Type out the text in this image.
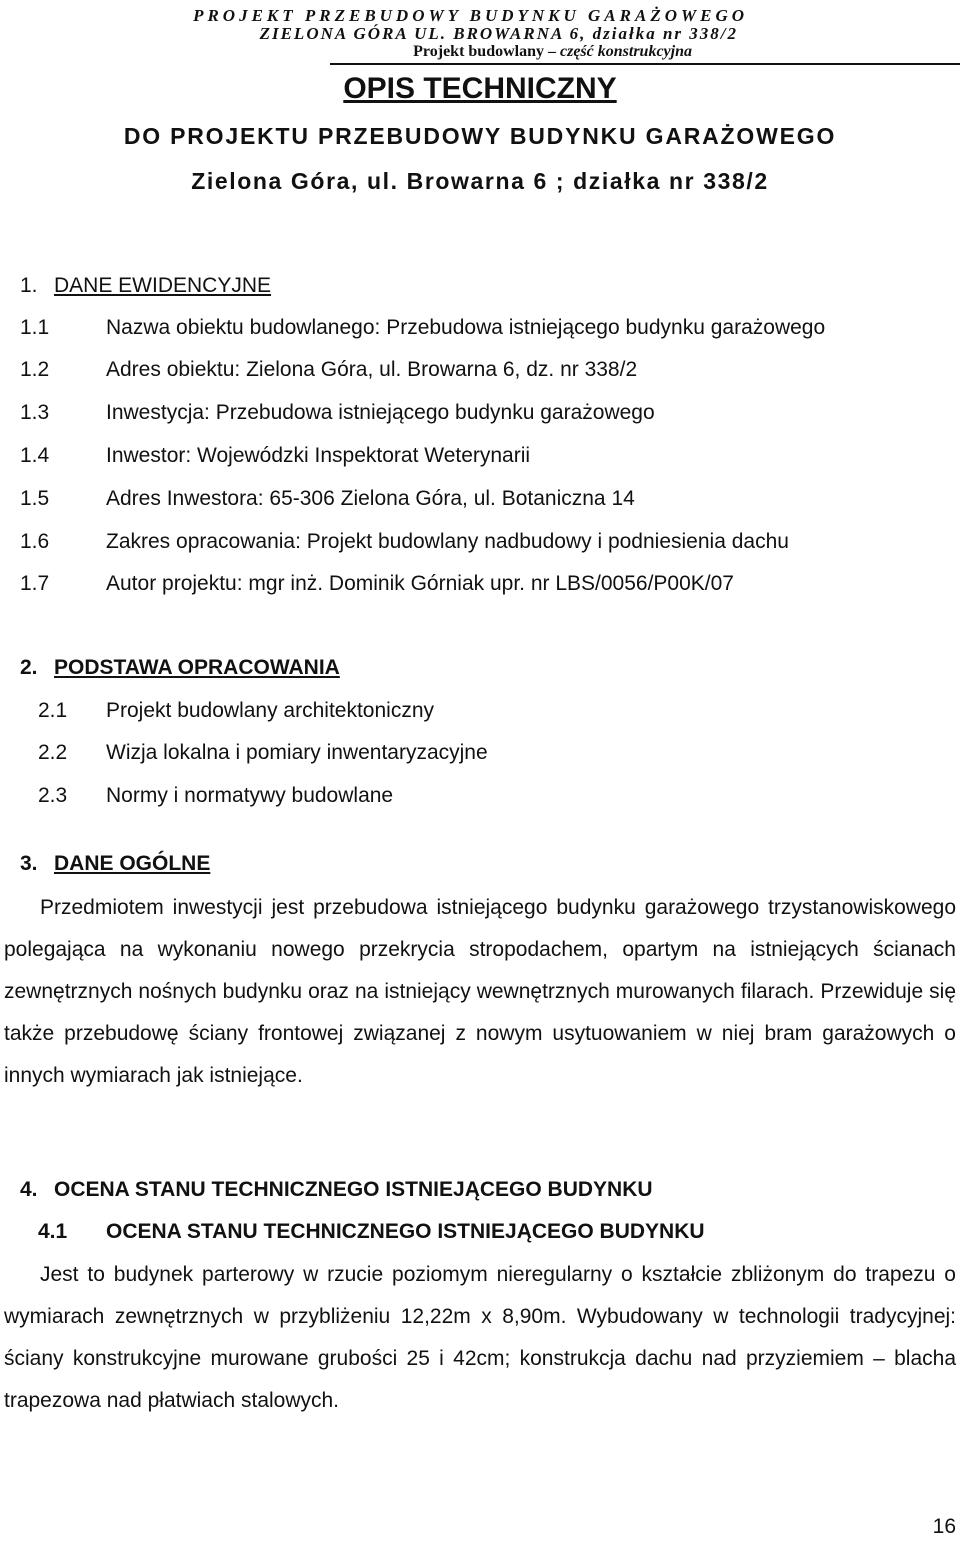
PROJEKT PRZEBUDOWY BUDYNKU GARAŻOWEGO
ZIELONA GÓRA UL. BROWARNA 6, działka nr 338/2
Projekt budowlany – część konstrukcyjna
OPIS TECHNICZNY
DO PROJEKTU PRZEBUDOWY BUDYNKU GARAŻOWEGO
Zielona Góra, ul. Browarna 6 ; działka nr 338/2
1. DANE EWIDENCYJNE
1.1	Nazwa obiektu budowlanego: Przebudowa istniejącego budynku garażowego
1.2	Adres obiektu: Zielona Góra, ul. Browarna 6, dz. nr 338/2
1.3	Inwestycja: Przebudowa istniejącego budynku garażowego
1.4	Inwestor: Wojewódzki Inspektorat Weterynarii
1.5	Adres Inwestora: 65-306 Zielona Góra, ul. Botaniczna 14
1.6	Zakres opracowania: Projekt budowlany nadbudowy i podniesienia dachu
1.7	Autor projektu: mgr inż. Dominik Górniak upr. nr LBS/0056/P00K/07
2. PODSTAWA OPRACOWANIA
2.1 Projekt budowlany architektoniczny
2.2 Wizja lokalna i pomiary inwentaryzacyjne
2.3 Normy i normatywy budowlane
3. DANE OGÓLNE
Przedmiotem inwestycji jest przebudowa istniejącego budynku garażowego trzystanowiskowego polegająca na wykonaniu nowego przekrycia stropodachem, opartym na istniejących ścianach zewnętrznych nośnych budynku oraz na istniejący wewnętrznych murowanych filarach. Przewiduje się także przebudowę ściany frontowej związanej z nowym usytuowaniem w niej bram garażowych o innych wymiarach jak istniejące.
4. OCENA STANU TECHNICZNEGO ISTNIEJĄCEGO BUDYNKU
4.1 OCENA STANU TECHNICZNEGO ISTNIEJĄCEGO BUDYNKU
Jest to budynek parterowy w rzucie poziomym nieregularny o kształcie zbliżonym do trapezu o wymiarach zewnętrznych w przybliżeniu 12,22m x 8,90m. Wybudowany w technologii tradycyjnej: ściany konstrukcyjne murowane grubości 25 i 42cm; konstrukcja dachu nad przyziemiem – blacha trapezowa nad płatwiach stalowych.
16
